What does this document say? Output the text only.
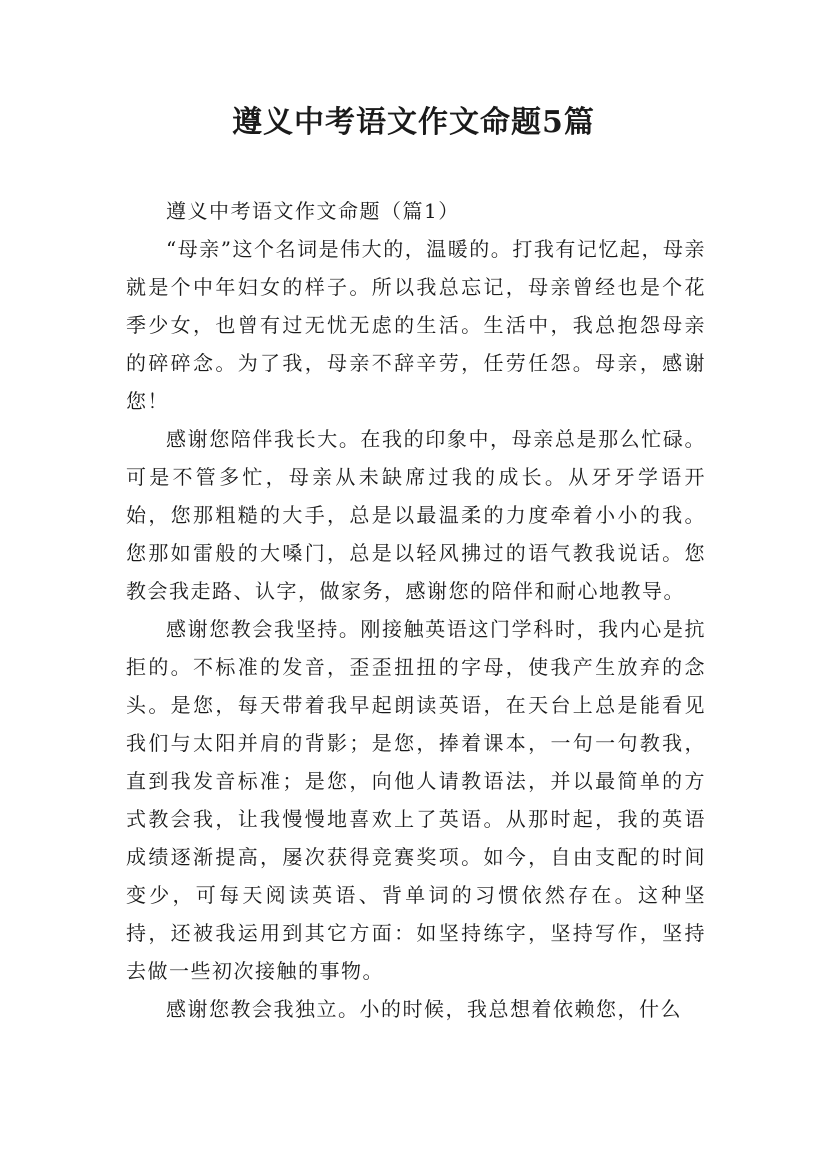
遵义中考语文作文命题5篇

遵义中考语文作文命题（篇1）

“母亲”这个名词是伟大的，温暖的。打我有记忆起，母亲就是个中年妇女的样子。所以我总忘记，母亲曾经也是个花季少女，也曾有过无忧无虑的生活。生活中，我总抱怨母亲的碎碎念。为了我，母亲不辞辛劳，任劳任怨。母亲，感谢您！

感谢您陪伴我长大。在我的印象中，母亲总是那么忙碌。可是不管多忙，母亲从未缺席过我的成长。从牙牙学语开始，您那粗糙的大手，总是以最温柔的力度牵着小小的我。您那如雷般的大嗓门，总是以轻风拂过的语气教我说话。您教会我走路、认字，做家务，感谢您的陪伴和耐心地教导。

感谢您教会我坚持。刚接触英语这门学科时，我内心是抗拒的。不标准的发音，歪歪扭扭的字母，使我产生放弃的念头。是您，每天带着我早起朗读英语，在天台上总是能看见我们与太阳并肩的背影；是您，捧着课本，一句一句教我，直到我发音标准；是您，向他人请教语法，并以最简单的方式教会我，让我慢慢地喜欢上了英语。从那时起，我的英语成绩逐渐提高，屡次获得竞赛奖项。如今，自由支配的时间变少，可每天阅读英语、背单词的习惯依然存在。这种坚持，还被我运用到其它方面：如坚持练字，坚持写作，坚持去做一些初次接触的事物。

感谢您教会我独立。小的时候，我总想着依赖您，什么
